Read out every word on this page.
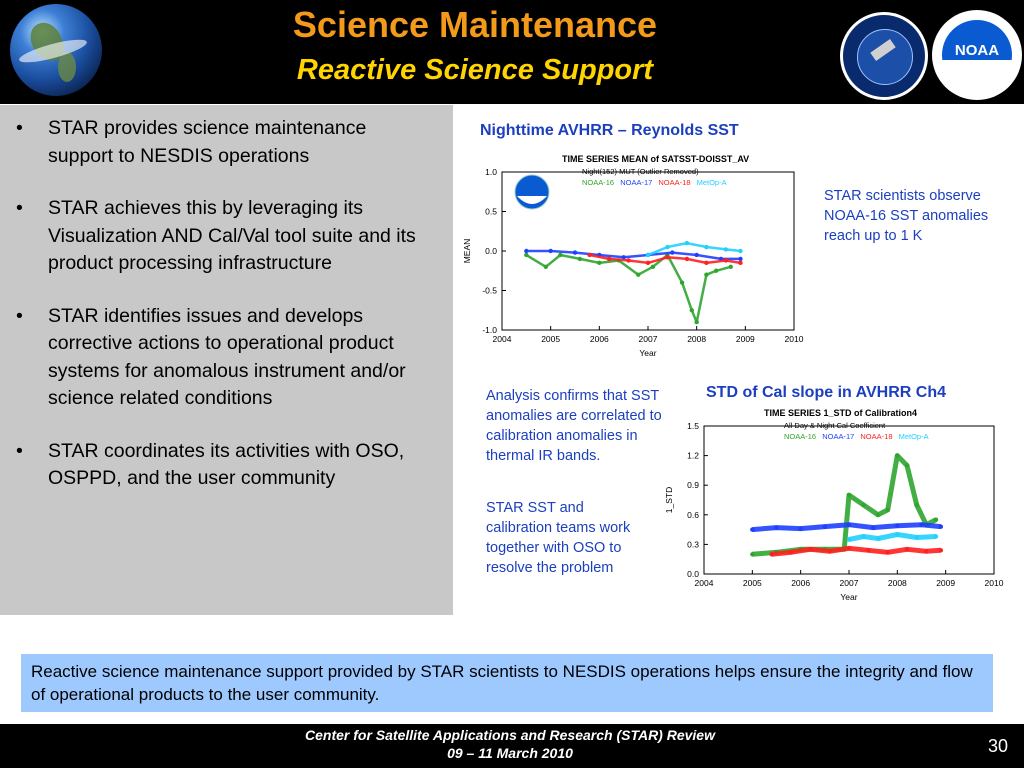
Science Maintenance
Reactive Science Support
NOAA
• STAR provides science maintenance support to NESDIS operations
• STAR achieves this by leveraging its Visualization AND Cal/Val tool suite and its product processing infrastructure
• STAR identifies issues and develops corrective actions to operational product systems for anomalous instrument and/or science related conditions
• STAR coordinates its activities with OSO, OSPPD, and the user community
Nighttime AVHRR – Reynolds SST
TIME SERIES MEAN of SATSST-DOISST_AV
Night(152) MUT (Outlier Removed)
NOAA-16 NOAA-17 NOAA-18 MetOp-A
2004	2005	2006	2007	2008	2009	2010
1.0
0.5
0.0
-0.5
-1.0
Year
MEAN
STAR scientists observe NOAA-16 SST anomalies reach up to 1 K
STD of Cal slope in AVHRR Ch4
TIME SERIES 1_STD of Calibration4
All Day & Night Cal Coefficient
NOAA-16 NOAA-17 NOAA-18 MetOp-A
2004	2005	2006	2007	2008	2009	2010
1.5
1.2
0.9
0.6
0.3
0.0
Year
1_STD
Analysis confirms that SST anomalies are correlated to calibration anomalies in thermal IR bands.
STAR SST and calibration teams work together with OSO to resolve the problem
Reactive science maintenance support provided by STAR scientists to NESDIS operations helps ensure the integrity and flow of operational products to the user community.
Center for Satellite Applications and Research (STAR) Review
09 – 11 March 2010	30
